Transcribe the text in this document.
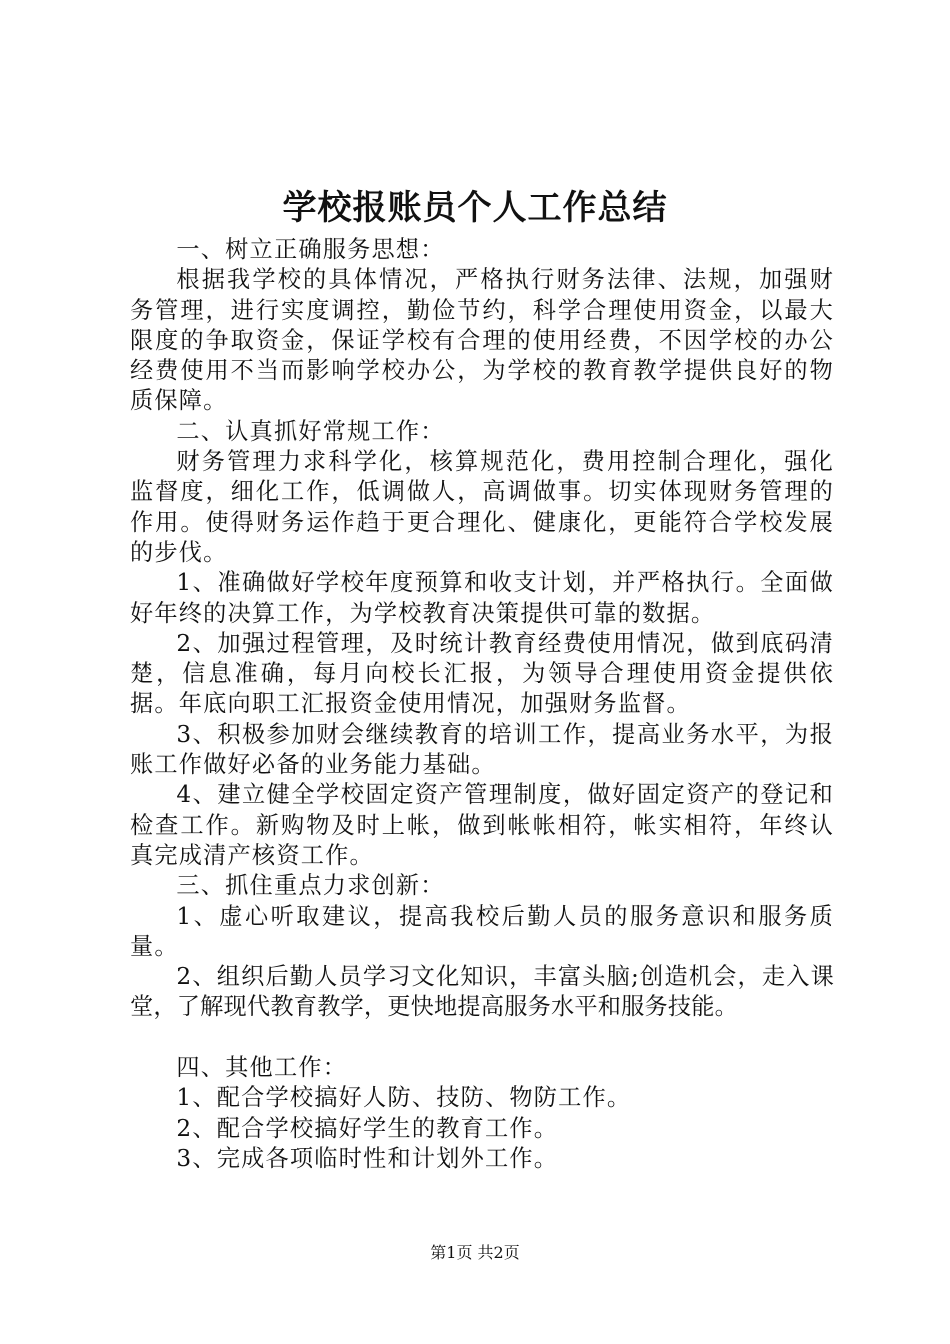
学校报账员个人工作总结

一、树立正确服务思想：

根据我学校的具体情况，严格执行财务法律、法规，加强财务管理，进行实度调控，勤俭节约，科学合理使用资金，以最大限度的争取资金，保证学校有合理的使用经费，不因学校的办公经费使用不当而影响学校办公，为学校的教育教学提供良好的物质保障。

二、认真抓好常规工作：

财务管理力求科学化，核算规范化，费用控制合理化，强化监督度，细化工作，低调做人，高调做事。切实体现财务管理的作用。使得财务运作趋于更合理化、健康化，更能符合学校发展的步伐。

1、准确做好学校年度预算和收支计划，并严格执行。全面做好年终的决算工作，为学校教育决策提供可靠的数据。

2、加强过程管理，及时统计教育经费使用情况，做到底码清楚，信息准确，每月向校长汇报，为领导合理使用资金提供依据。年底向职工汇报资金使用情况，加强财务监督。

3、积极参加财会继续教育的培训工作，提高业务水平，为报账工作做好必备的业务能力基础。

4、建立健全学校固定资产管理制度，做好固定资产的登记和检查工作。新购物及时上帐，做到帐帐相符，帐实相符，年终认真完成清产核资工作。

三、抓住重点力求创新：

1、虚心听取建议，提高我校后勤人员的服务意识和服务质量。

2、组织后勤人员学习文化知识，丰富头脑;创造机会，走入课堂，了解现代教育教学，更快地提高服务水平和服务技能。

四、其他工作：

1、配合学校搞好人防、技防、物防工作。

2、配合学校搞好学生的教育工作。

3、完成各项临时性和计划外工作。

第1页 共2页
